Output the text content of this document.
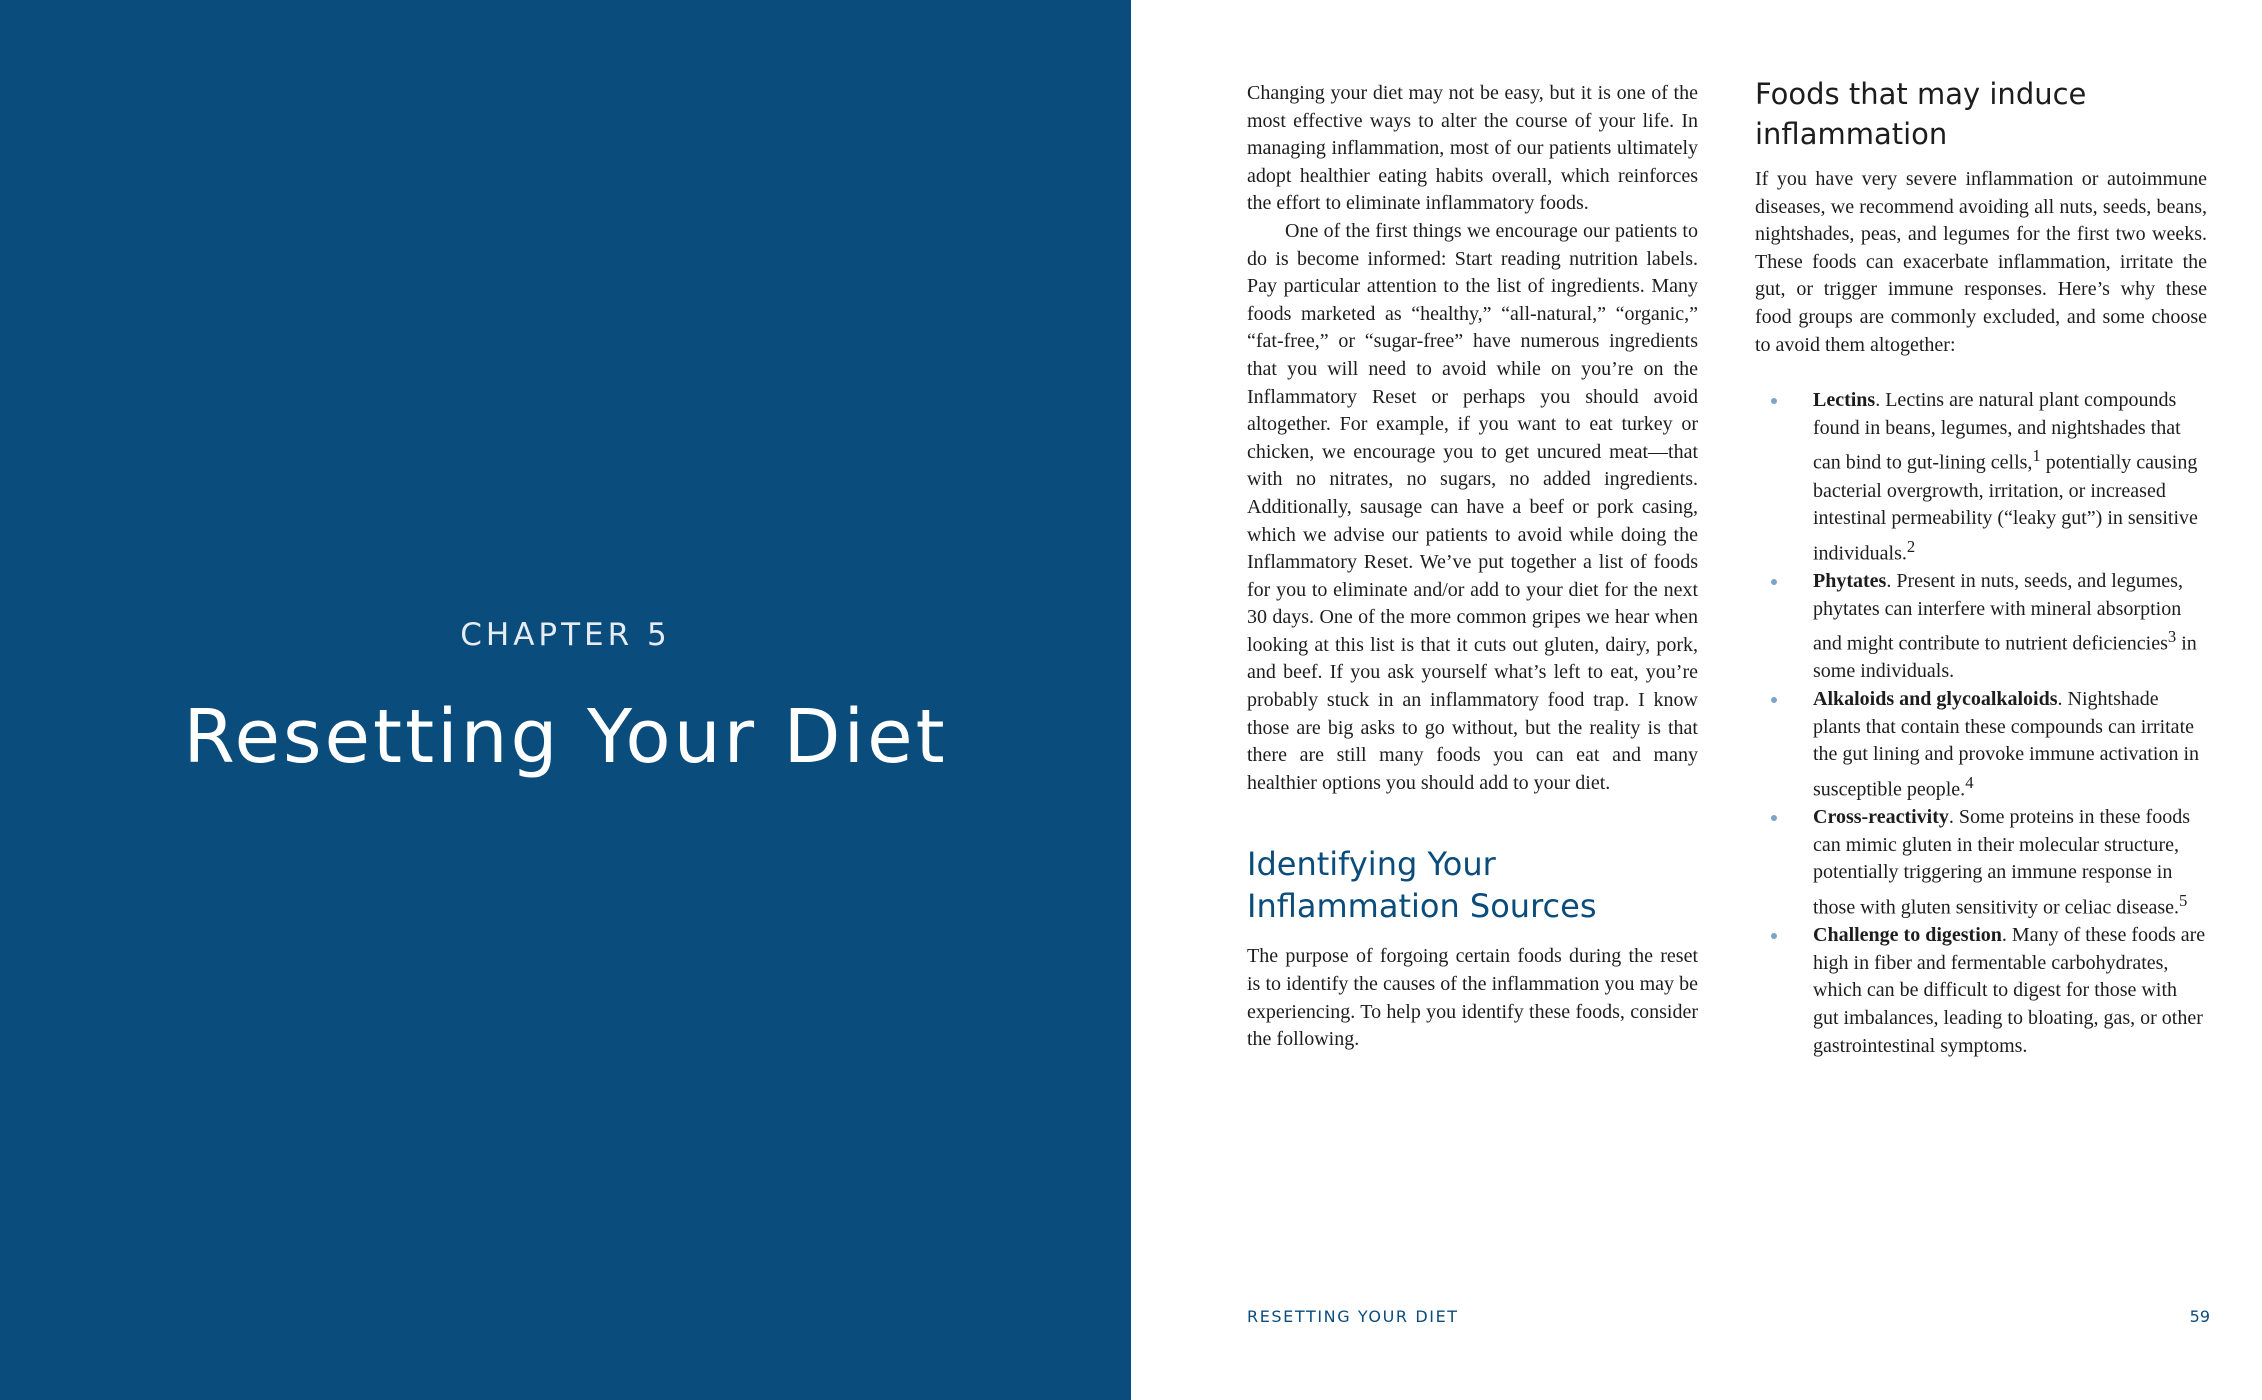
CHAPTER 5
Resetting Your Diet

Changing your diet may not be easy, but it is one of the most effective ways to alter the course of your life. In managing inflammation, most of our patients ultimately adopt healthier eating habits overall, which reinforces the effort to eliminate inflammatory foods.

One of the first things we encourage our patients to do is become informed: Start reading nutrition labels. Pay particular attention to the list of ingredients. Many foods marketed as “healthy,” “all-natural,” “organic,” “fat-free,” or “sugar-free” have numerous ingredients that you will need to avoid while on you’re on the Inflammatory Reset or perhaps you should avoid altogether. For example, if you want to eat turkey or chicken, we encourage you to get uncured meat—that with no nitrates, no sugars, no added ingredients. Additionally, sausage can have a beef or pork casing, which we advise our patients to avoid while doing the Inflammatory Reset. We’ve put together a list of foods for you to eliminate and/or add to your diet for the next 30 days. One of the more common gripes we hear when looking at this list is that it cuts out gluten, dairy, pork, and beef. If you ask yourself what’s left to eat, you’re probably stuck in an inflammatory food trap. I know those are big asks to go without, but the reality is that there are still many foods you can eat and many healthier options you should add to your diet.

Identifying Your Inflammation Sources

The purpose of forgoing certain foods during the reset is to identify the causes of the inflammation you may be experiencing. To help you identify these foods, consider the following.

Foods that may induce inflammation

If you have very severe inflammation or autoimmune diseases, we recommend avoiding all nuts, seeds, beans, nightshades, peas, and legumes for the first two weeks. These foods can exacerbate inflammation, irritate the gut, or trigger immune responses. Here’s why these food groups are commonly excluded, and some choose to avoid them altogether:

Lectins. Lectins are natural plant compounds found in beans, legumes, and nightshades that can bind to gut-lining cells,$^1$ potentially causing bacterial overgrowth, irritation, or increased intestinal permeability (“leaky gut”) in sensitive individuals.$^2$
Phytates. Present in nuts, seeds, and legumes, phytates can interfere with mineral absorption and might contribute to nutrient deficiencies$^3$ in some individuals.
Alkaloids and glycoalkaloids. Nightshade plants that contain these compounds can irritate the gut lining and provoke immune activation in susceptible people.$^4$
Cross-reactivity. Some proteins in these foods can mimic gluten in their molecular structure, potentially triggering an immune response in those with gluten sensitivity or celiac disease.$^5$
Challenge to digestion. Many of these foods are high in fiber and fermentable carbohydrates, which can be difficult to digest for those with gut imbalances, leading to bloating, gas, or other gastrointestinal symptoms.
RESETTING YOUR DIET	59
